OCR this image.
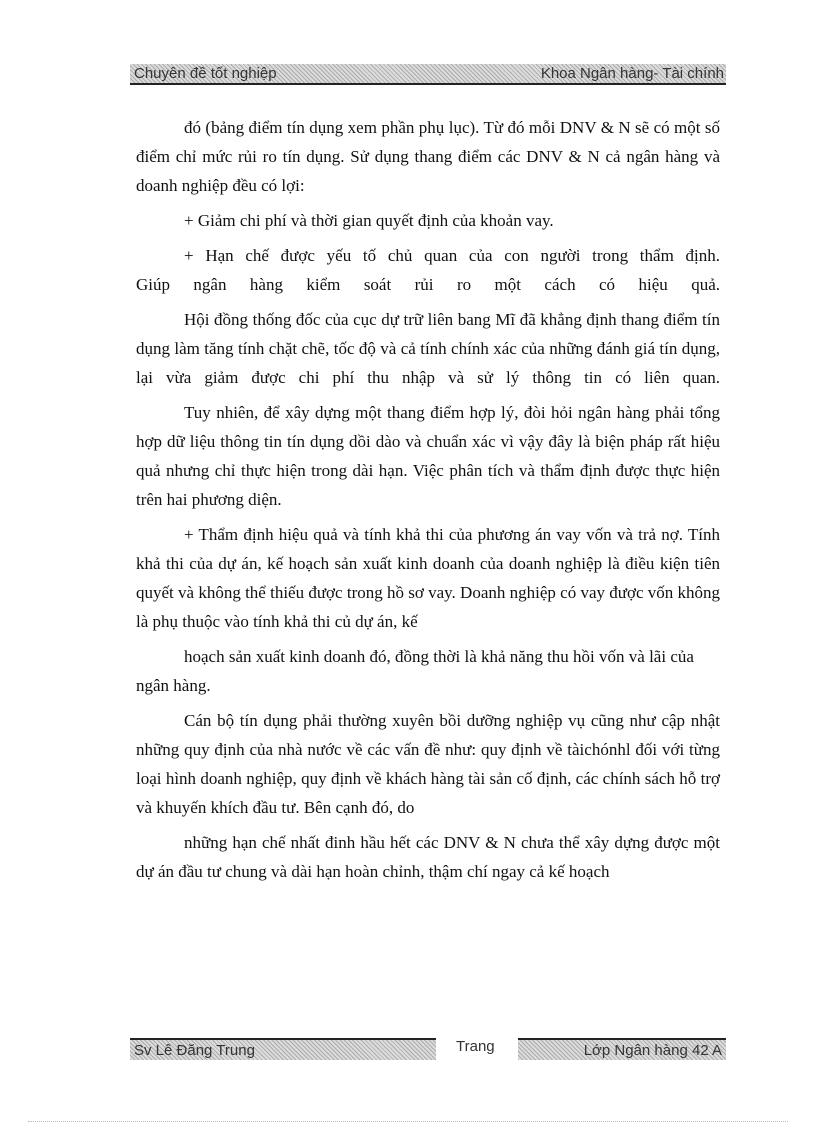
Chuyên đề tốt nghiệp	Khoa Ngân hàng- Tài chính

đó (bảng điểm tín dụng xem phần phụ lục). Từ đó mỗi DNV & N sẽ có một số điểm chỉ mức rủi ro tín dụng. Sử dụng thang điểm các DNV & N cả ngân hàng và doanh nghiệp đều có lợi:

+ Giảm chi phí và thời gian quyết định của khoản vay.

+ Hạn chế được yếu tố chủ quan của con người trong thẩm định.

Giúp ngân hàng kiểm soát rủi ro một cách có hiệu quả.

Hội đồng thống đốc của cục dự trữ liên bang Mĩ đã khẳng định thang điểm tín dụng làm tăng tính chặt chẽ, tốc độ và cả tính chính xác của những đánh giá tín dụng, lại vừa giảm được chi phí thu nhập và sử lý thông tin có liên quan.

Tuy nhiên, để xây dựng một thang điểm hợp lý, đòi hỏi ngân hàng phải tổng hợp dữ liệu thông tin tín dụng dồi dào và chuẩn xác vì vậy đây là biện pháp rất hiệu quả nhưng chỉ thực hiện trong dài hạn. Việc phân tích và thẩm định được thực hiện trên hai phương diện.

+ Thẩm định hiệu quả và tính khả thi của phương án vay vốn và trả nợ. Tính khả thi của dự án, kế hoạch sản xuất kinh doanh của doanh nghiệp là điều kiện tiên quyết và không thể thiếu được trong hồ sơ vay. Doanh nghiệp có vay được vốn không là phụ thuộc vào tính khả thi củ dự án, kế

hoạch sản xuất kinh doanh đó, đồng thời là khả năng thu hồi vốn và lãi của ngân hàng.

Cán bộ tín dụng phải thường xuyên bồi dưỡng nghiệp vụ cũng như cập nhật những quy định của nhà nước về các vấn đề như: quy định về tàichónhl đối với từng loại hình doanh nghiệp, quy định về khách hàng tài sản cố định, các chính sách hỗ trợ và khuyến khích đầu tư. Bên cạnh đó, do

những hạn chế nhất đinh hầu hết các DNV & N chưa thể xây dựng được một dự án đầu tư chung và dài hạn hoàn chỉnh, thậm chí ngay cả kế hoạch

Sv Lê Đăng Trung	Trang	Lớp Ngân hàng 42 A
